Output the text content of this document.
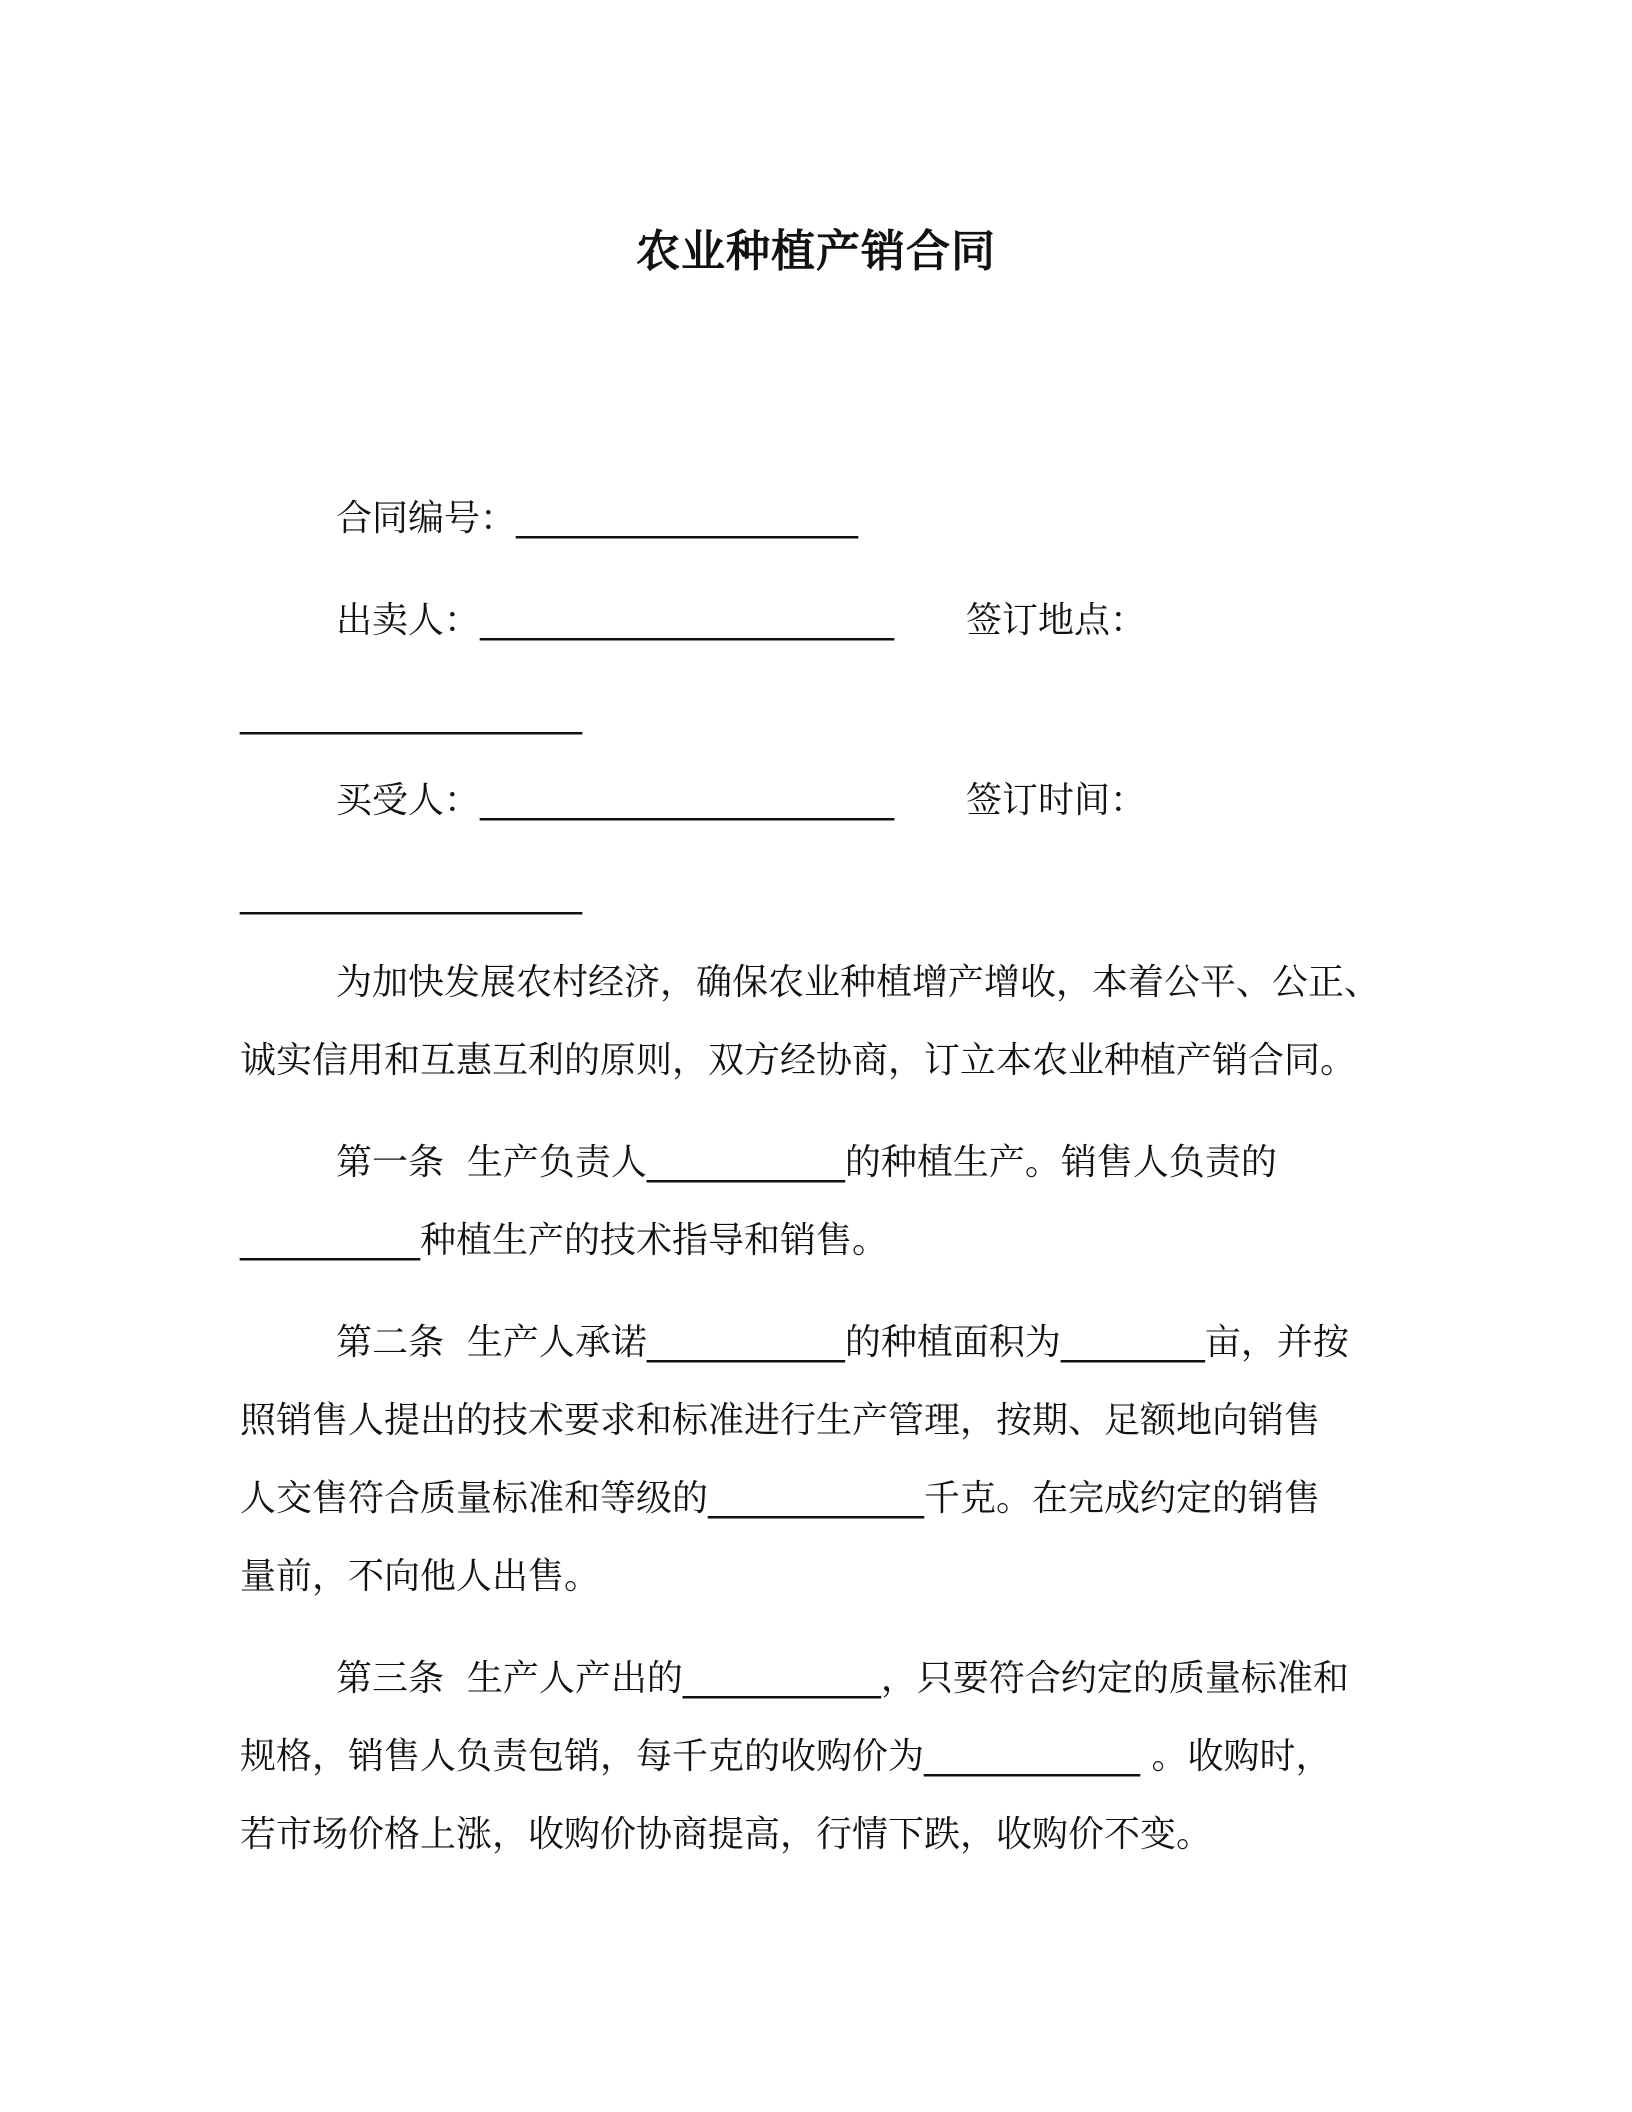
农业种植产销合同
合同编号：___________________
出卖人：_______________________ 签订地点：
___________________
买受人：_______________________ 签订时间：
___________________
为加快发展农村经济，确保农业种植增产增收，本着公平、公正、
诚实信用和互惠互利的原则，双方经协商，订立本农业种植产销合同。
第一条  生产负责人___________的种植生产。销售人负责的
__________种植生产的技术指导和销售。
第二条  生产人承诺___________的种植面积为________亩，并按
照销售人提出的技术要求和标准进行生产管理，按期、足额地向销售
人交售符合质量标准和等级的____________千克。在完成约定的销售
量前，不向他人出售。
第三条  生产人产出的___________，只要符合约定的质量标准和
规格，销售人负责包销，每千克的收购价为____________ 。收购时，
若市场价格上涨，收购价协商提高，行情下跌，收购价不变。
